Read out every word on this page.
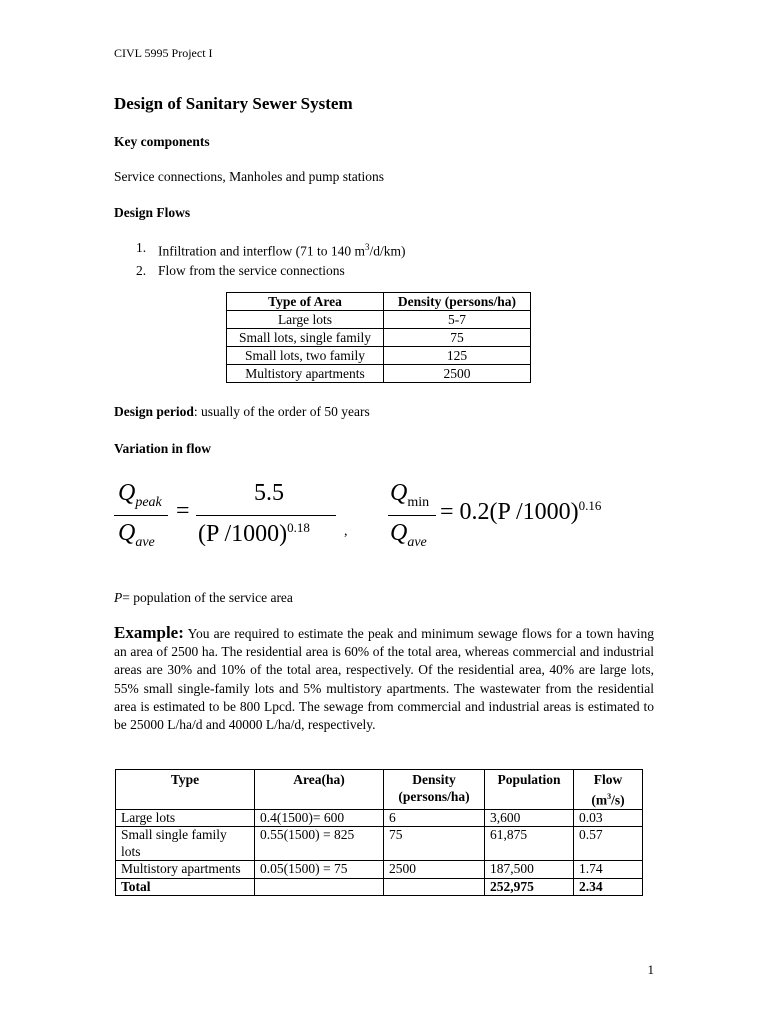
CIVL 5995 Project I
Design of Sanitary Sewer System
Key components
Service connections, Manholes and pump stations
Design Flows
1. Infiltration and interflow (71 to 140 $m^3/d/km$)
2. Flow from the service connections
Type of Area	Density (persons/ha)
Large lots	5-7
Small lots, single family	75
Small lots, two family	125
Multistory apartments	2500
Design period: usually of the order of 50 years
Variation in flow
$Q_{peak}$
$Q_{ave}$
=
5.5
(P /1000)$^{0.18}$ ,
$Q_{min}$
$Q_{ave}$
= 0.2(P /1000)$^{0.16}$
P= population of the service area
Example: You are required to estimate the peak and minimum sewage flows for a town having an area of 2500 ha. The residential area is 60% of the total area, whereas commercial and industrial areas are 30% and 10% of the total area, respectively. Of the residential area, 40% are large lots, 55% small single-family lots and 5% multistory apartments. The wastewater from the residential area is estimated to be 800 Lpcd. The sewage from commercial and industrial areas is estimated to be 25000 L/ha/d and 40000 L/ha/d, respectively.
Type	Area(ha)	Density (persons/ha)	Population	Flow $(m^3/s)$
Large lots	0.4(1500)= 600	6	3,600	0.03
Small single family lots	0.55(1500) = 825	75	61,875	0.57
Multistory apartments	0.05(1500) = 75	2500	187,500	1.74
Total			252,975	2.34
1
